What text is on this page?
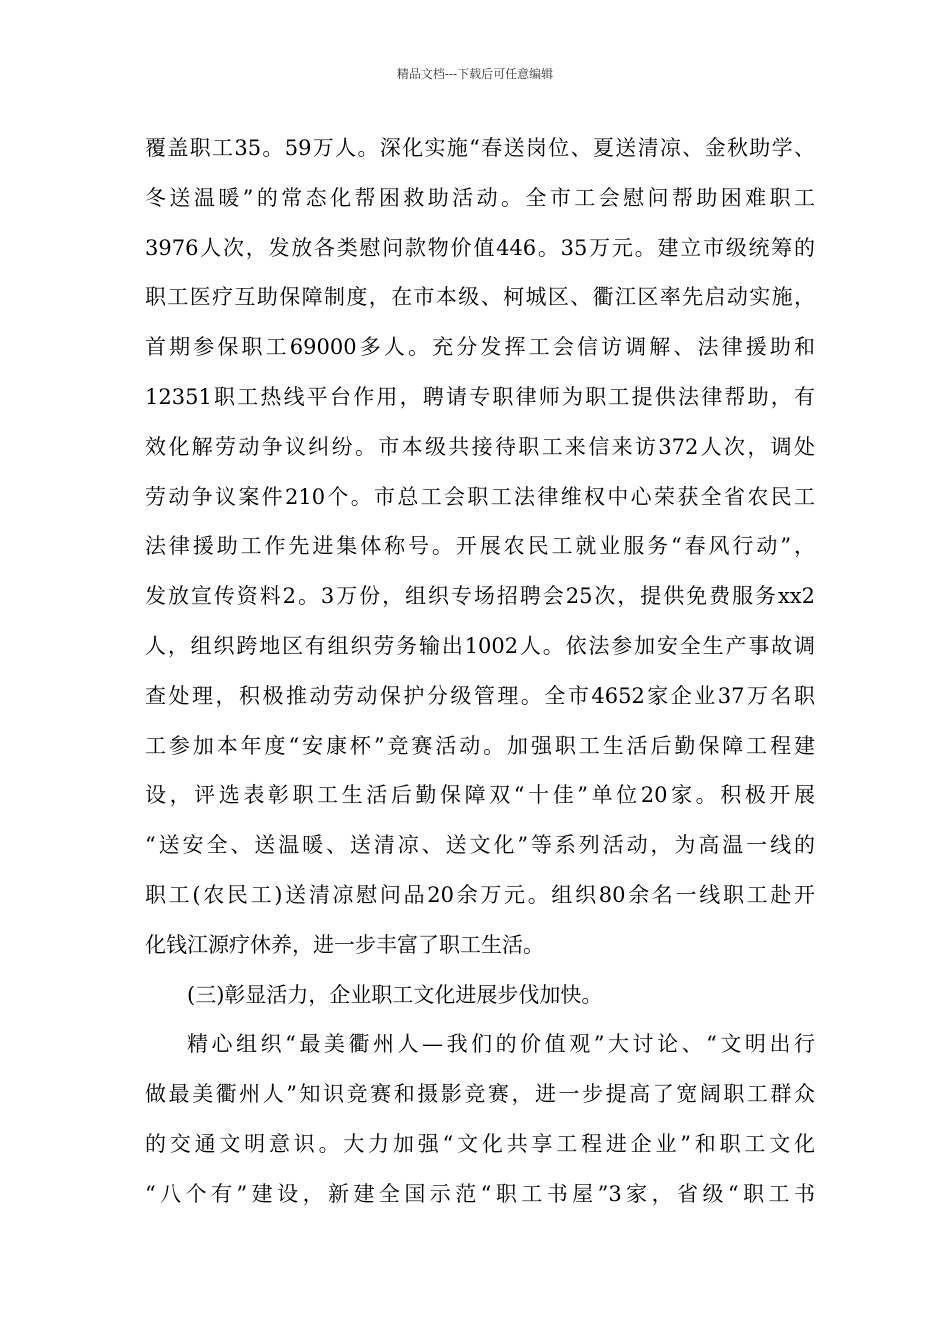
精品文档---下载后可任意编辑
覆盖职工35。59万人。深化实施“春送岗位、夏送清凉、金秋助学、
冬送温暖”的常态化帮困救助活动。全市工会慰问帮助困难职工
3976人次，发放各类慰问款物价值446。35万元。建立市级统筹的
职工医疗互助保障制度，在市本级、柯城区、衢江区率先启动实施，
首期参保职工69000多人。充分发挥工会信访调解、法律援助和
12351职工热线平台作用，聘请专职律师为职工提供法律帮助，有
效化解劳动争议纠纷。市本级共接待职工来信来访372人次，调处
劳动争议案件210个。市总工会职工法律维权中心荣获全省农民工
法律援助工作先进集体称号。开展农民工就业服务“春风行动”，
发放宣传资料2。3万份，组织专场招聘会25次，提供免费服务xx2
人，组织跨地区有组织劳务输出1002人。依法参加安全生产事故调
查处理，积极推动劳动保护分级管理。全市4652家企业37万名职
工参加本年度“安康杯”竞赛活动。加强职工生活后勤保障工程建
设，评选表彰职工生活后勤保障双“十佳”单位20家。积极开展
“送安全、送温暖、送清凉、送文化”等系列活动，为高温一线的
职工(农民工)送清凉慰问品20余万元。组织80余名一线职工赴开
化钱江源疗休养，进一步丰富了职工生活。
(三)彰显活力，企业职工文化进展步伐加快。
精心组织“最美衢州人—我们的价值观”大讨论、“文明出行
做最美衢州人”知识竞赛和摄影竞赛，进一步提高了宽阔职工群众
的交通文明意识。大力加强“文化共享工程进企业”和职工文化
“八个有”建设，新建全国示范“职工书屋”3家，省级“职工书
